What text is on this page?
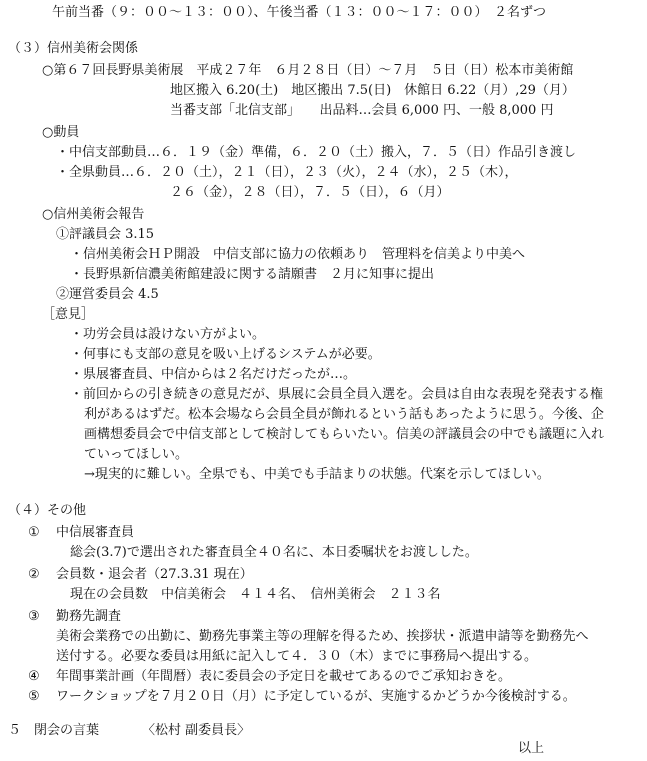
午前当番（９：００〜１３：００）、午後当番（１３：００〜１７：００）　２名ずつ
（３）信州美術会関係
○第６７回長野県美術展　平成２７年　６月２８日（日）〜７月　５日（日）松本市美術館
地区搬入 6.20(土)　地区搬出 7.5(日)　休館日 6.22（月）,29（月）
当番支部「北信支部」　　出品料…会員 6,000 円、一般 8,000 円
○動員
・中信支部動員…６．１９（金）準備，６．２０（土）搬入，７．５（日）作品引き渡し
・全県動員…６．２０（土），２１（日），２３（火），２４（水），２５（木），
２６（金），２８（日），７．５（日），６（月）
○信州美術会報告
①評議員会 3.15
・信州美術会ＨＰ開設　中信支部に協力の依頼あり　管理料を信美より中美へ
・長野県新信濃美術館建設に関する請願書　２月に知事に提出
②運営委員会 4.5
［意見］
・功労会員は設けない方がよい。
・何事にも支部の意見を吸い上げるシステムが必要。
・県展審査員、中信からは２名だけだったが…。
・前回からの引き続きの意見だが、県展に会員全員入選を。会員は自由な表現を発表する権
利があるはずだ。松本会場なら会員全員が飾れるという話もあったように思う。今後、企
画構想委員会で中信支部として検討してもらいたい。信美の評議員会の中でも議題に入れ
ていってほしい。
→現実的に難しい。全県でも、中美でも手詰まりの状態。代案を示してほしい。
（４）その他
① 中信展審査員
総会(3.7)で選出された審査員全４０名に、本日委嘱状をお渡しした。
② 会員数・退会者（27.3.31 現在）
現在の会員数　中信美術会　４１４名、　信州美術会　２１３名
③ 勤務先調査
美術会業務での出勤に、勤務先事業主等の理解を得るため、挨拶状・派遣申請等を勤務先へ
送付する。必要な委員は用紙に記入して４．３０（木）までに事務局へ提出する。
④ 年間事業計画（年間暦）表に委員会の予定日を載せてあるのでご承知おきを。
⑤ ワークショップを７月２０日（月）に予定しているが、実施するかどうか今後検討する。
５　閉会の言葉	〈松村 副委員長〉
以上
